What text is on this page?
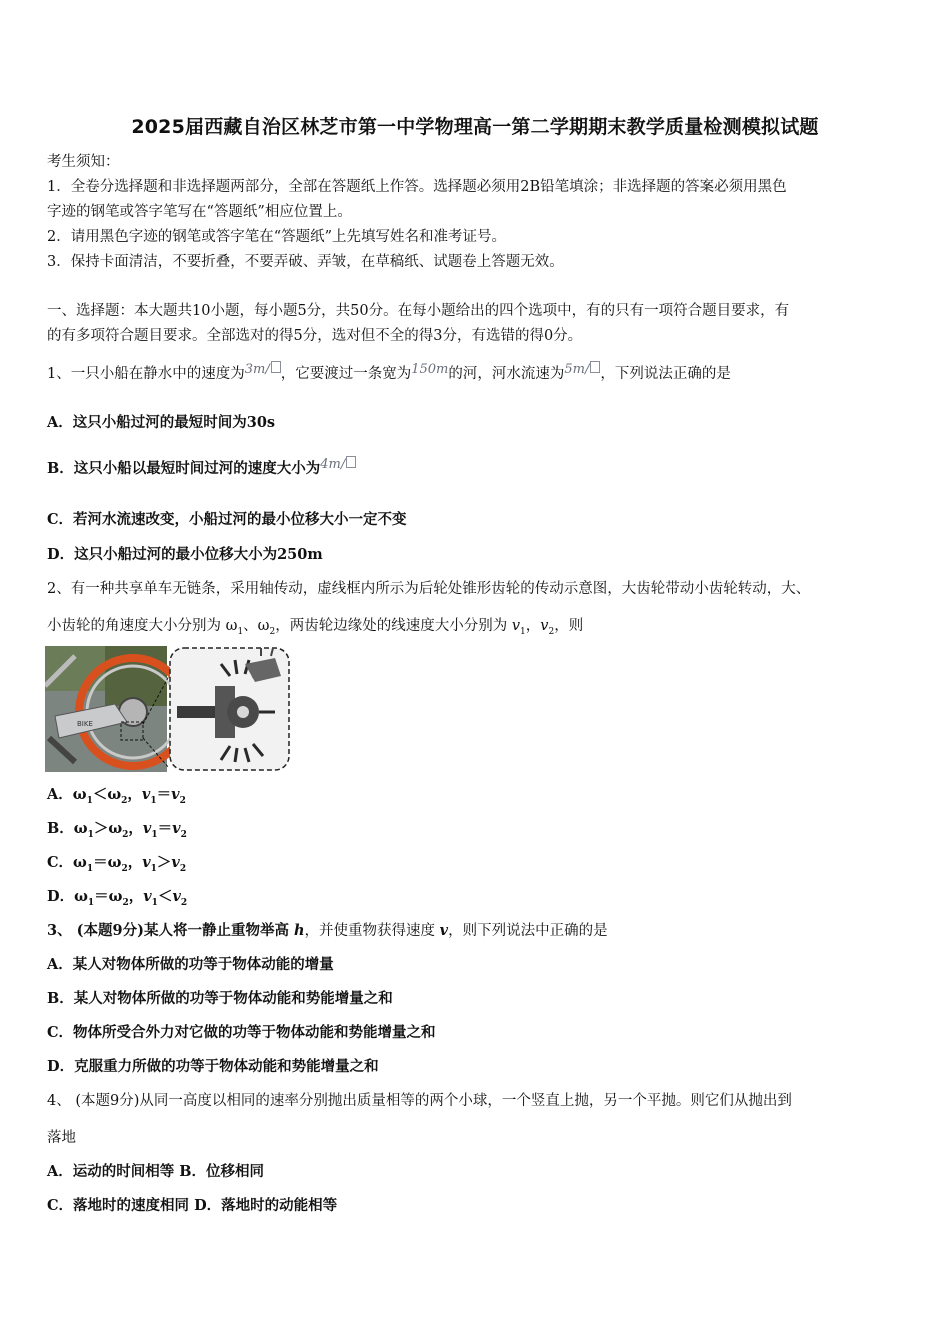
2025届西藏自治区林芝市第一中学物理高一第二学期期末教学质量检测模拟试题
考生须知：
1．全卷分选择题和非选择题两部分，全部在答题纸上作答。选择题必须用2B铅笔填涂；非选择题的答案必须用黑色
字迹的钢笔或答字笔写在“答题纸”相应位置上。
2．请用黑色字迹的钢笔或答字笔在“答题纸”上先填写姓名和准考证号。
3．保持卡面清洁，不要折叠，不要弄破、弄皱，在草稿纸、试题卷上答题无效。
一、选择题：本大题共10小题，每小题5分，共50分。在每小题给出的四个选项中，有的只有一项符合题目要求，有
的有多项符合题目要求。全部选对的得5分，选对但不全的得3分，有选错的得0分。
1、一只小船在静水中的速度为3m/ ，它要渡过一条宽为150m的河，河水流速为5m/ ，下列说法正确的是
A．这只小船过河的最短时间为30s
B．这只小船以最短时间过河的速度大小为4m/
C．若河水流速改变，小船过河的最小位移大小一定不变
D．这只小船过河的最小位移大小为250m
2、有一种共享单车无链条，采用轴传动，虚线框内所示为后轮处锥形齿轮的传动示意图，大齿轮带动小齿轮转动，大、
小齿轮的角速度大小分别为 $\omega_1$、$\omega_2$，两齿轮边缘处的线速度大小分别为 $v_1$，$v_2$，则
BIKE
A．$\omega_1<\omega_2$，$v_1=v_2$
B．$\omega_1>\omega_2$，$v_1=v_2$
C．$\omega_1=\omega_2$，$v_1>v_2$
D．$\omega_1=\omega_2$，$v_1<v_2$
3、 (本题9分)某人将一静止重物举高 h，并使重物获得速度 v，则下列说法中正确的是
A．某人对物体所做的功等于物体动能的增量
B．某人对物体所做的功等于物体动能和势能增量之和
C．物体所受合外力对它做的功等于物体动能和势能增量之和
D．克服重力所做的功等于物体动能和势能增量之和
4、 (本题9分)从同一高度以相同的速率分别抛出质量相等的两个小球，一个竖直上抛，另一个平抛。则它们从抛出到
落地
A．运动的时间相等 B．位移相同
C．落地时的速度相同 D．落地时的动能相等
